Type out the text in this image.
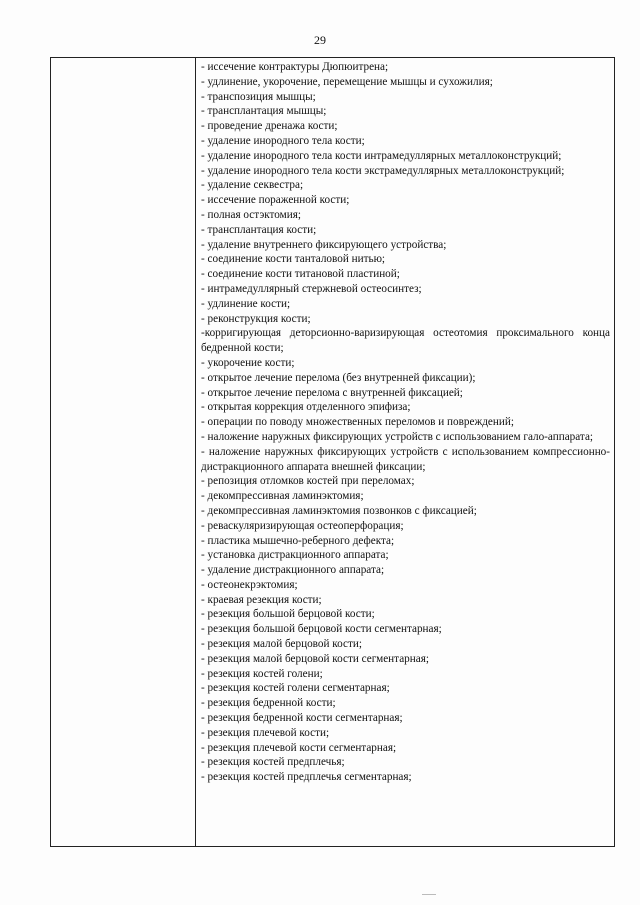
29

- иссечение контрактуры Дюпюитрена;
- удлинение, укорочение, перемещение мышцы и сухожилия;
- транспозиция мышцы;
- трансплантация мышцы;
- проведение дренажа кости;
- удаление инородного тела кости;
- удаление инородного тела кости интрамедуллярных металлоконструкций;
- удаление инородного тела кости экстрамедуллярных металлоконструкций;
- удаление секвестра;
- иссечение пораженной кости;
- полная остэктомия;
- трансплантация кости;
- удаление внутреннего фиксирующего устройства;
- соединение кости танталовой нитью;
- соединение кости титановой пластиной;
- интрамедуллярный стержневой остеосинтез;
- удлинение кости;
- реконструкция кости;
-корригирующая деторсионно-варизирующая остеотомия проксимального конца бедренной кости;
- укорочение кости;
- открытое лечение перелома (без внутренней фиксации);
- открытое лечение перелома с внутренней фиксацией;
- открытая коррекция отделенного эпифиза;
- операции по поводу множественных переломов и повреждений;
- наложение наружных фиксирующих устройств с использованием гало-аппарата;
- наложение наружных фиксирующих устройств с использованием компрессионно-дистракционного аппарата внешней фиксации;
- репозиция отломков костей при переломах;
- декомпрессивная ламинэктомия;
- декомпрессивная ламинэктомия позвонков с фиксацией;
- реваскуляризирующая остеоперфорация;
- пластика мышечно-реберного дефекта;
- установка дистракционного аппарата;
- удаление дистракционного аппарата;
- остеонекрэктомия;
- краевая резекция кости;
- резекция большой берцовой кости;
- резекция большой берцовой кости сегментарная;
- резекция малой берцовой кости;
- резекция малой берцовой кости сегментарная;
- резекция костей голени;
- резекция костей голени сегментарная;
- резекция бедренной кости;
- резекция бедренной кости сегментарная;
- резекция плечевой кости;
- резекция плечевой кости сегментарная;
- резекция костей предплечья;
- резекция костей предплечья сегментарная;
